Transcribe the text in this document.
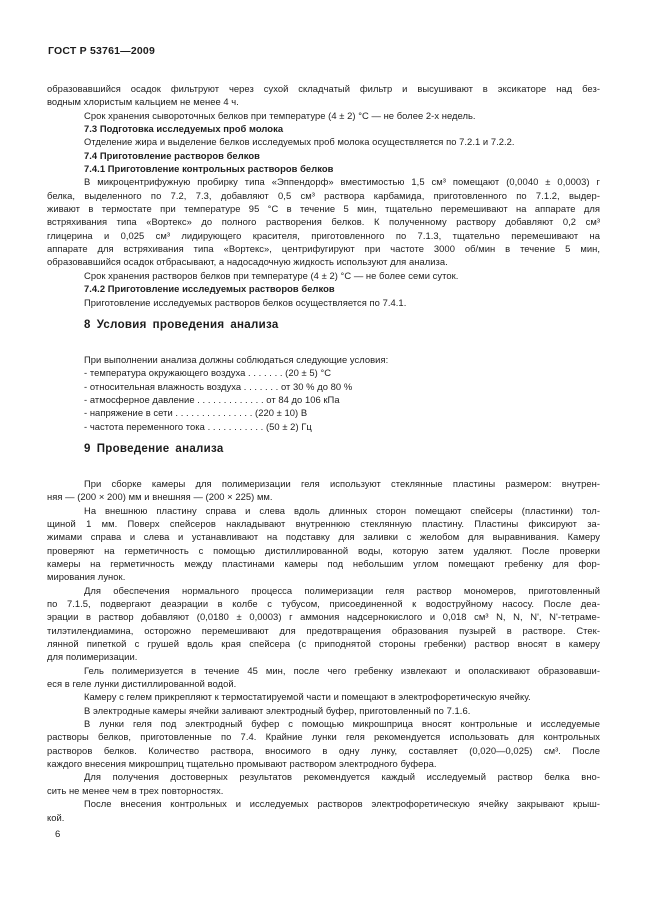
ГОСТ Р 53761—2009
образовавшийся осадок фильтруют через сухой складчатый фильтр и высушивают в эксикаторе над без-
водным хлористым кальцием не менее 4 ч.
Срок хранения сывороточных белков при температуре (4 ± 2) °С — не более 2-х недель.
7.3 Подготовка исследуемых проб молока
Отделение жира и выделение белков исследуемых проб молока осуществляется по 7.2.1 и 7.2.2.
7.4 Приготовление растворов белков
7.4.1 Приготовление контрольных растворов белков
В микроцентрифужную пробирку типа «Эппендорф» вместимостью 1,5 см³ помещают (0,0040 ± 0,0003) г
белка, выделенного по 7.2, 7.3, добавляют 0,5 см³ раствора карбамида, приготовленного по 7.1.2, выдер-
живают в термостате при температуре 95 °С в течение 5 мин, тщательно перемешивают на аппарате для
встряхивания типа «Вортекс» до полного растворения белков. К полученному раствору добавляют 0,2 см³
глицерина и 0,025 см³ лидирующего красителя, приготовленного по 7.1.3, тщательно перемешивают на
аппарате для встряхивания типа «Вортекс», центрифугируют при частоте 3000 об/мин в течение 5 мин,
образовавшийся осадок отбрасывают, а надосадочную жидкость используют для анализа.
Срок хранения растворов белков при температуре (4 ± 2) °С — не более семи суток.
7.4.2 Приготовление исследуемых растворов белков
Приготовление исследуемых растворов белков осуществляется по 7.4.1.
8 Условия проведения анализа
При выполнении анализа должны соблюдаться следующие условия:
- температура окружающего воздуха . . . . . . . (20 ± 5) °С
- относительная влажность воздуха . . . . . . . от 30 % до 80 %
- атмосферное давление . . . . . . . . . . . . . от 84 до 106 кПа
- напряжение в сети . . . . . . . . . . . . . . . (220 ± 10) В
- частота переменного тока . . . . . . . . . . . (50 ± 2) Гц
9 Проведение анализа
При сборке камеры для полимеризации геля используют стеклянные пластины размером: внутрен-
няя — (200 × 200) мм и внешняя — (200 × 225) мм.
На внешнюю пластину справа и слева вдоль длинных сторон помещают спейсеры (пластинки) тол-
щиной 1 мм. Поверх спейсеров накладывают внутреннюю стеклянную пластину. Пластины фиксируют за-
жимами справа и слева и устанавливают на подставку для заливки с желобом для выравнивания. Камеру
проверяют на герметичность с помощью дистиллированной воды, которую затем удаляют. После проверки
камеры на герметичность между пластинами камеры под небольшим углом помещают гребенку для фор-
мирования лунок.
Для обеспечения нормального процесса полимеризации геля раствор мономеров, приготовленный
по 7.1.5, подвергают деаэрации в колбе с тубусом, присоединенной к водоструйному насосу. После деа-
эрации в раствор добавляют (0,0180 ± 0,0003) г аммония надсернокислого и 0,018 см³ N, N, N', N'-тетраме-
тилэтилендиамина, осторожно перемешивают для предотвращения образования пузырей в растворе. Стек-
лянной пипеткой с грушей вдоль края спейсера (с приподнятой стороны гребенки) раствор вносят в камеру
для полимеризации.
Гель полимеризуется в течение 45 мин, после чего гребенку извлекают и ополаскивают образовавши-
еся в геле лунки дистиллированной водой.
Камеру с гелем прикрепляют к термостатируемой части и помещают в электрофоретическую ячейку.
В электродные камеры ячейки заливают электродный буфер, приготовленный по 7.1.6.
В лунки геля под электродный буфер с помощью микрошприца вносят контрольные и исследуемые
растворы белков, приготовленные по 7.4. Крайние лунки геля рекомендуется использовать для контрольных
растворов белков. Количество раствора, вносимого в одну лунку, составляет (0,020—0,025) см³. После
каждого внесения микрошприц тщательно промывают раствором электродного буфера.
Для получения достоверных результатов рекомендуется каждый исследуемый раствор белка вно-
сить не менее чем в трех повторностях.
После внесения контрольных и исследуемых растворов электрофоретическую ячейку закрывают крыш-
кой.
6
